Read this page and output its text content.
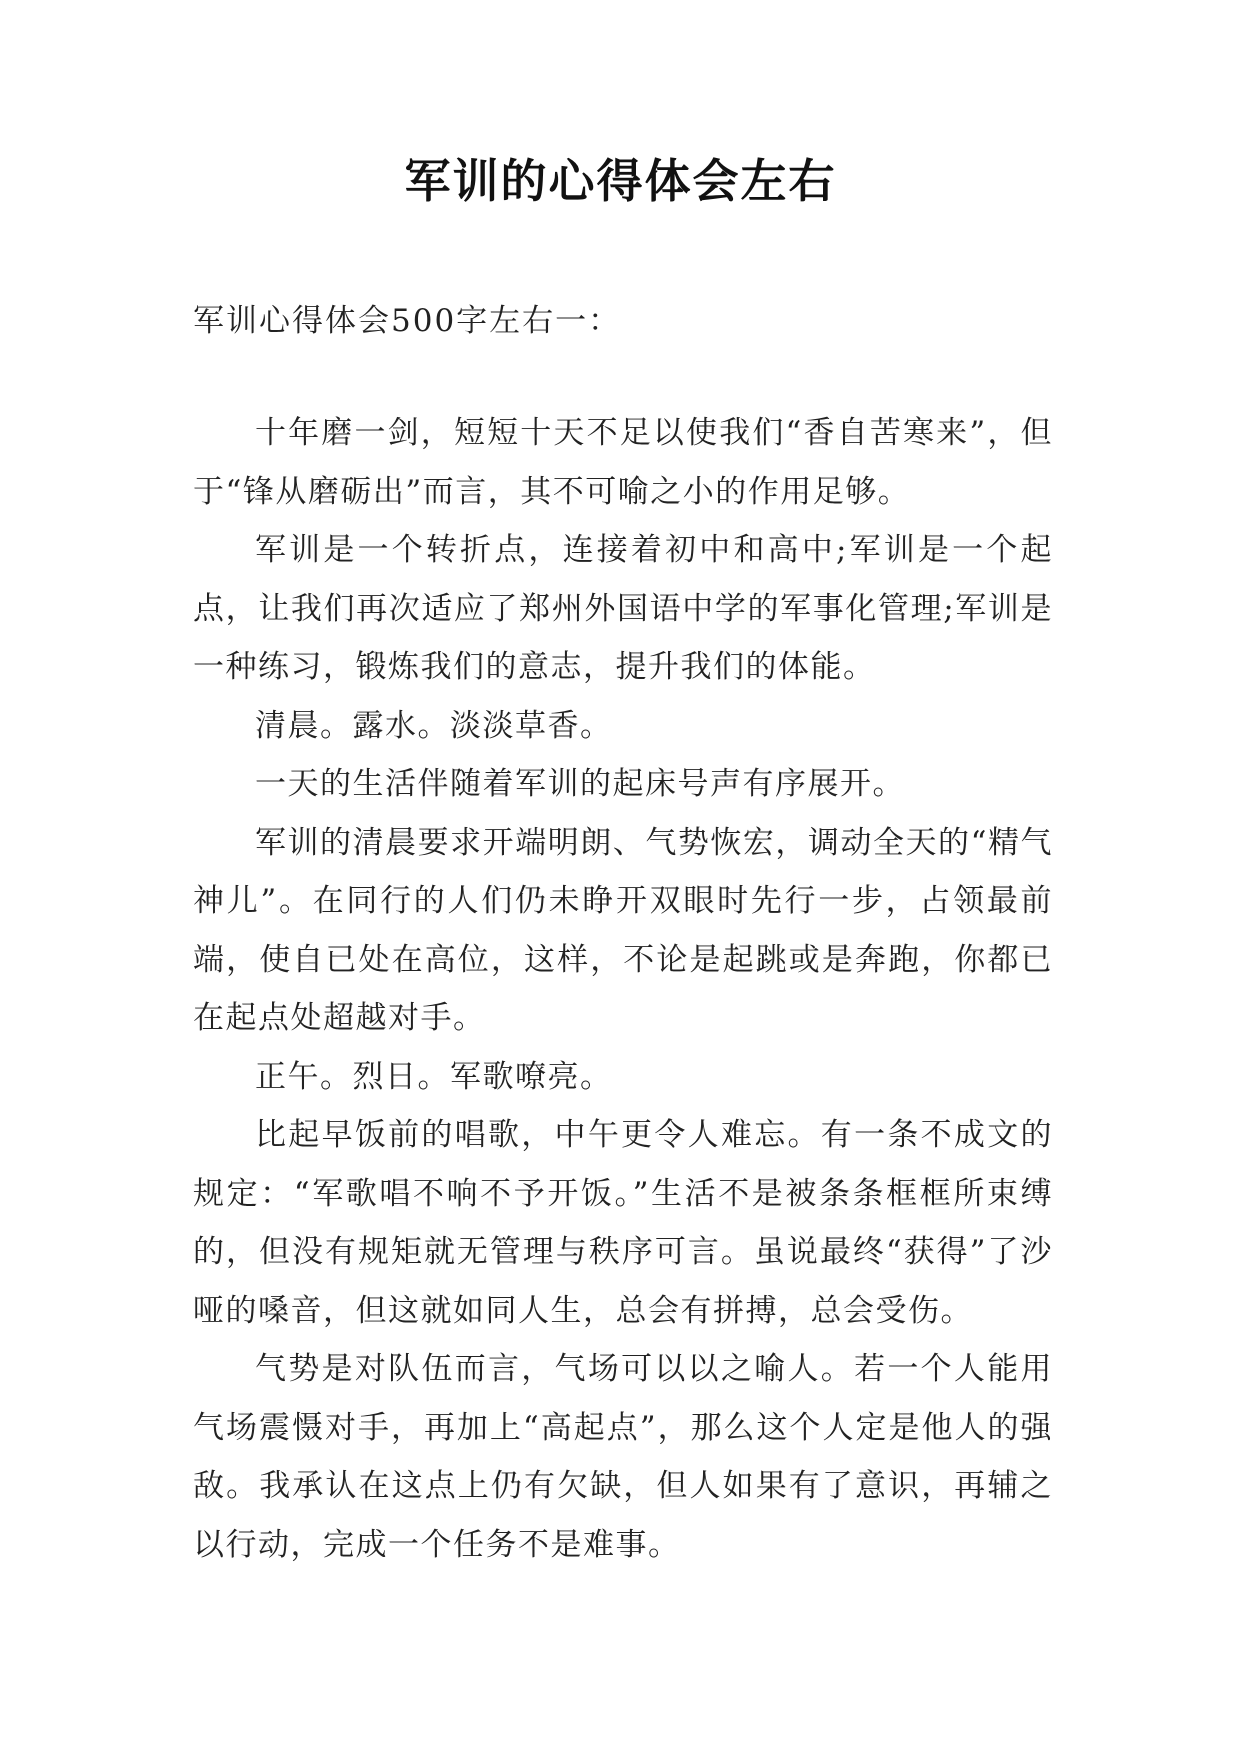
军训的心得体会左右
军训心得体会500字左右一：

十年磨一剑，短短十天不足以使我们“香自苦寒来”，但于“锋从磨砺出”而言，其不可喻之小的作用足够。

军训是一个转折点，连接着初中和高中;军训是一个起点，让我们再次适应了郑州外国语中学的军事化管理;军训是一种练习，锻炼我们的意志，提升我们的体能。

清晨。露水。淡淡草香。

一天的生活伴随着军训的起床号声有序展开。

军训的清晨要求开端明朗、气势恢宏，调动全天的“精气神儿”。在同行的人们仍未睁开双眼时先行一步，占领最前端，使自已处在高位，这样，不论是起跳或是奔跑，你都已在起点处超越对手。

正午。烈日。军歌嘹亮。

比起早饭前的唱歌，中午更令人难忘。有一条不成文的规定：“军歌唱不响不予开饭。”生活不是被条条框框所束缚的，但没有规矩就无管理与秩序可言。虽说最终“获得”了沙哑的嗓音，但这就如同人生，总会有拼搏，总会受伤。

气势是对队伍而言，气场可以以之喻人。若一个人能用气场震慑对手，再加上“高起点”，那么这个人定是他人的强敌。我承认在这点上仍有欠缺，但人如果有了意识，再辅之以行动，完成一个任务不是难事。
